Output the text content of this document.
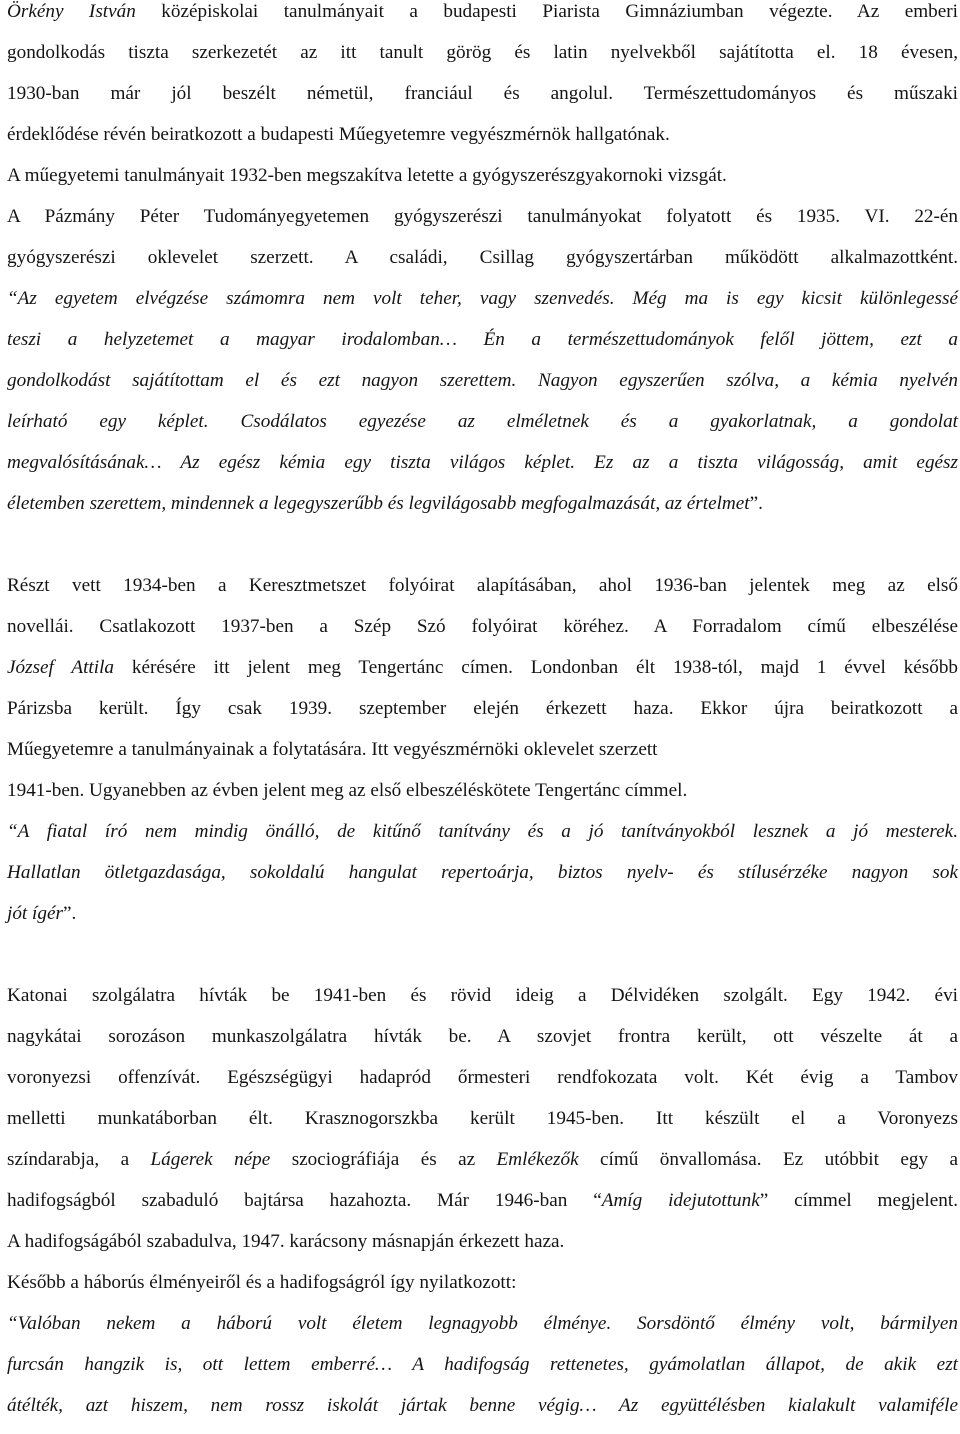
Örkény István középiskolai tanulmányait a budapesti Piarista Gimnáziumban végezte. Az emberi
gondolkodás tiszta szerkezetét az itt tanult görög és latin nyelvekből sajátította el. 18 évesen,
1930-ban már jól beszélt németül, franciául és angolul. Természettudományos és műszaki
érdeklődése révén beiratkozott a budapesti Műegyetemre vegyészmérnök hallgatónak.
A műegyetemi tanulmányait 1932-ben megszakítva letette a gyógyszerészgyakornoki vizsgát.
A Pázmány Péter Tudományegyetemen gyógyszerészi tanulmányokat folyatott és 1935. VI. 22-én
gyógyszerészi oklevelet szerzett. A családi, Csillag gyógyszertárban működött alkalmazottként.
“Az egyetem elvégzése számomra nem volt teher, vagy szenvedés. Még ma is egy kicsit különlegessé
teszi a helyzetemet a magyar irodalomban… Én a természettudományok felől jöttem, ezt a
gondolkodást sajátítottam el és ezt nagyon szerettem. Nagyon egyszerűen szólva, a kémia nyelvén
leírható egy képlet. Csodálatos egyezése az elméletnek és a gyakorlatnak, a gondolat
megvalósításának… Az egész kémia egy tiszta világos képlet. Ez az a tiszta világosság, amit egész
életemben szerettem, mindennek a legegyszerűbb és legvilágosabb megfogalmazását, az értelmet”.
Részt vett 1934-ben a Keresztmetszet folyóirat alapításában, ahol 1936-ban jelentek meg az első
novellái. Csatlakozott 1937-ben a Szép Szó folyóirat köréhez. A Forradalom című elbeszélése
József Attila kérésére itt jelent meg Tengertánc címen. Londonban élt 1938-tól, majd 1 évvel később
Párizsba került. Így csak 1939. szeptember elején érkezett haza. Ekkor újra beiratkozott a
Műegyetemre a tanulmányainak a folytatására. Itt vegyészmérnöki oklevelet szerzett
1941-ben. Ugyanebben az évben jelent meg az első elbeszéléskötete Tengertánc címmel.
“A fiatal író nem mindig önálló, de kitűnő tanítvány és a jó tanítványokból lesznek a jó mesterek.
Hallatlan ötletgazdasága, sokoldalú hangulat repertoárja, biztos nyelv- és stílusérzéke nagyon sok
jót ígér”.
Katonai szolgálatra hívták be 1941-ben és rövid ideig a Délvidéken szolgált. Egy 1942. évi
nagykátai sorozáson munkaszolgálatra hívták be. A szovjet frontra került, ott vészelte át a
voronyezsi offenzívát. Egészségügyi hadapród őrmesteri rendfokozata volt. Két évig a Tambov
melletti munkatáborban élt. Krasznogorszkba került 1945-ben. Itt készült el a Voronyezs
színdarabja, a Lágerek népe szociográfiája és az Emlékezők című önvallomása. Ez utóbbit egy a
hadifogságból szabaduló bajtársa hazahozta. Már 1946-ban “Amíg idejutottunk” címmel megjelent.
A hadifogságából szabadulva, 1947. karácsony másnapján érkezett haza.
Később a háborús élményeiről és a hadifogságról így nyilatkozott:
“Valóban nekem a háború volt életem legnagyobb élménye. Sorsdöntő élmény volt, bármilyen
furcsán hangzik is, ott lettem emberré… A hadifogság rettenetes, gyámolatlan állapot, de akik ezt
átélték, azt hiszem, nem rossz iskolát jártak benne végig… Az együttélésben kialakult valamiféle
